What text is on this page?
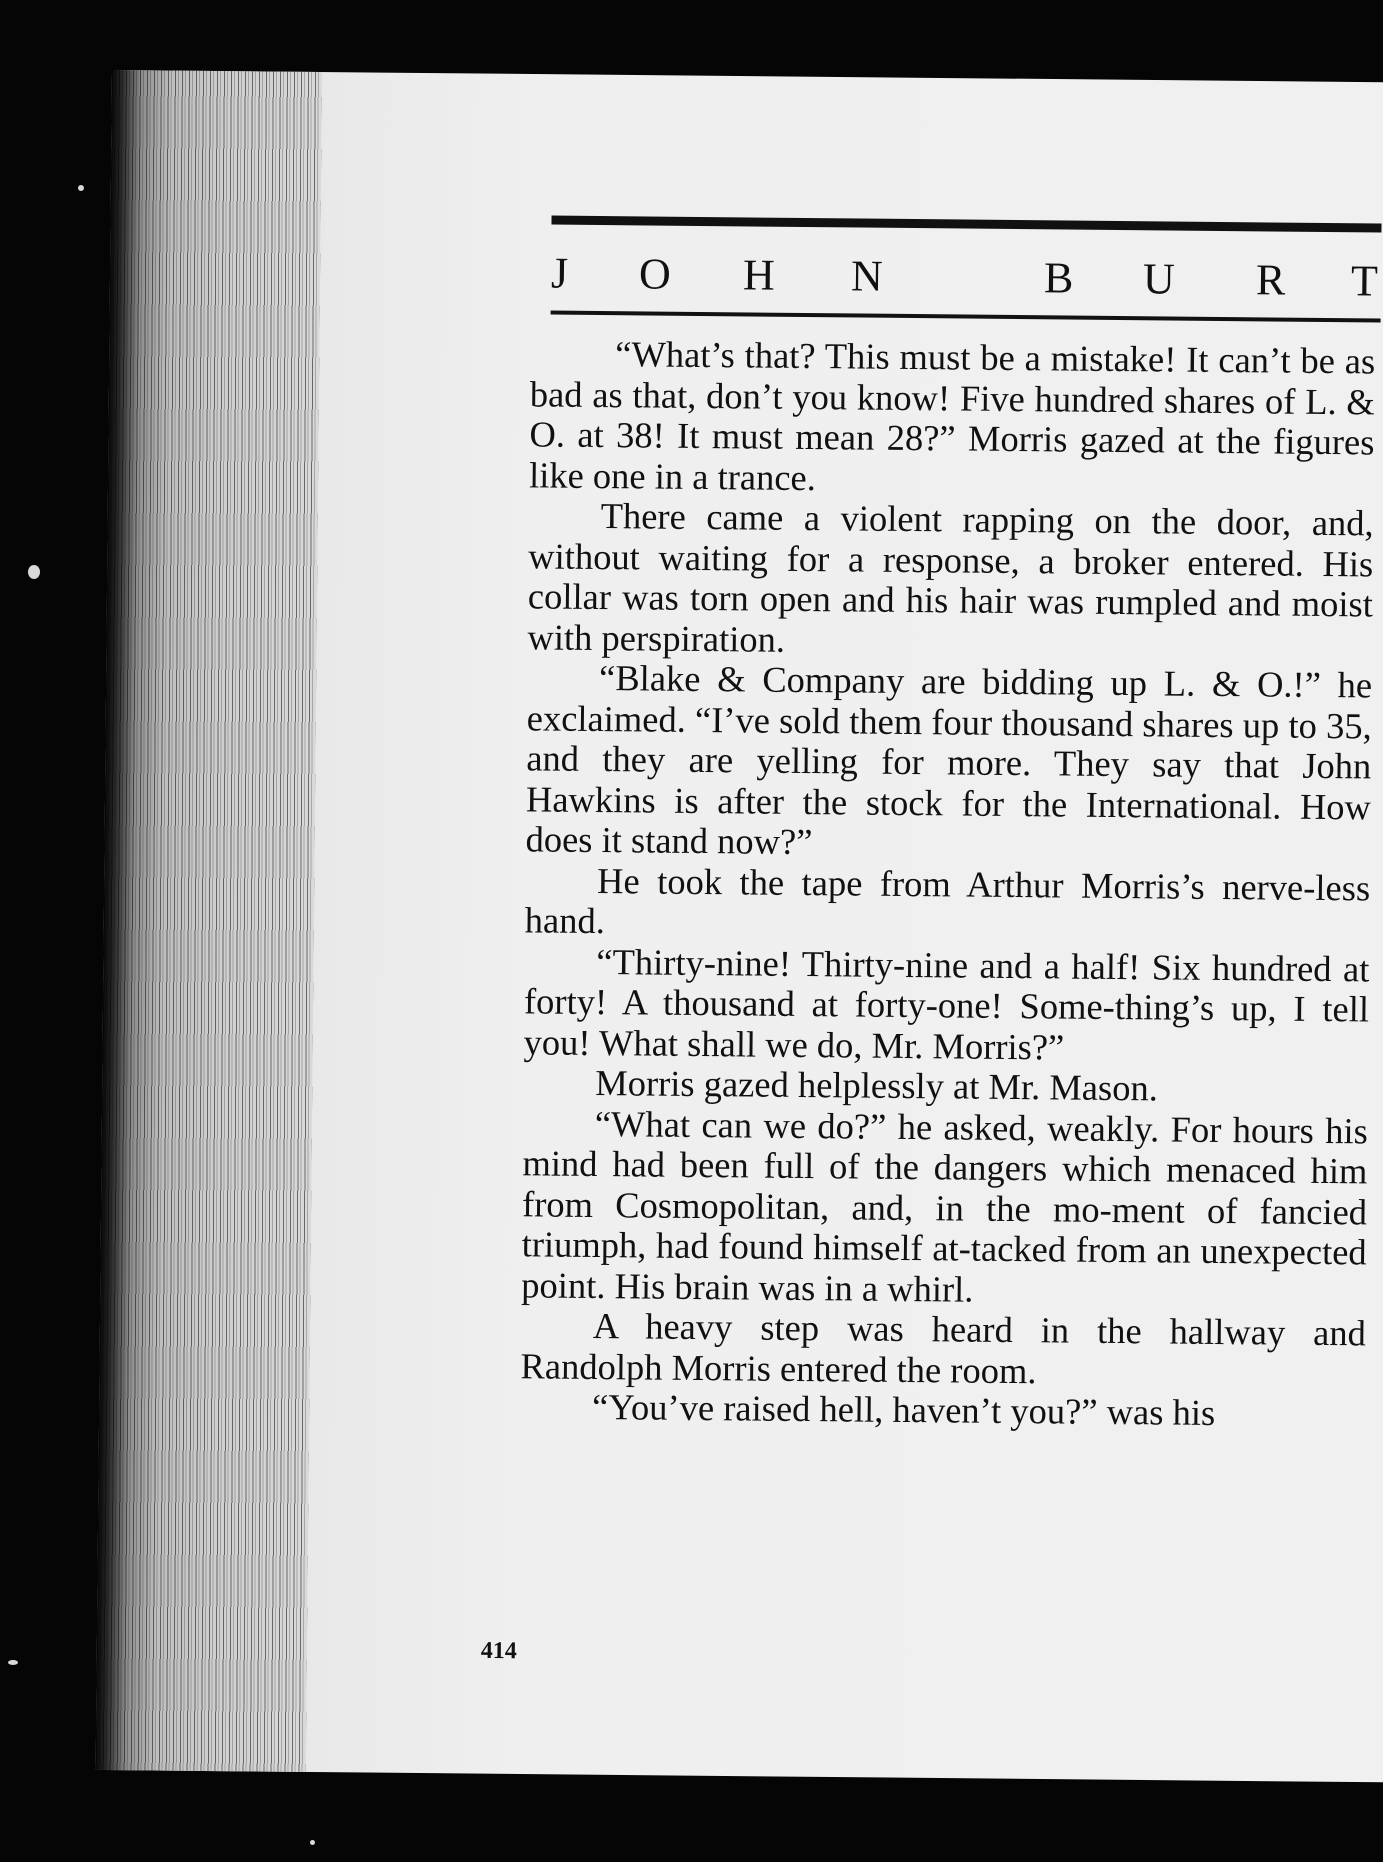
J O H N	B U R T

“What’s that? This must be a mistake! It can’t be as bad as that, don’t you know! Five hundred shares of L. & O. at 38! It must mean 28?” Morris gazed at the figures like one in a trance.

There came a violent rapping on the door, and, without waiting for a response, a broker entered. His collar was torn open and his hair was rumpled and moist with perspiration.

“Blake & Company are bidding up L. & O.!” he exclaimed. “I’ve sold them four thousand shares up to 35, and they are yelling for more. They say that John Hawkins is after the stock for the International. How does it stand now?”

He took the tape from Arthur Morris’s nerve-less hand.

“Thirty-nine! Thirty-nine and a half! Six hundred at forty! A thousand at forty-one! Some-thing’s up, I tell you! What shall we do, Mr. Morris?”

Morris gazed helplessly at Mr. Mason.

“What can we do?” he asked, weakly. For hours his mind had been full of the dangers which menaced him from Cosmopolitan, and, in the mo-ment of fancied triumph, had found himself at-tacked from an unexpected point. His brain was in a whirl.

A heavy step was heard in the hallway and Randolph Morris entered the room.

“You’ve raised hell, haven’t you?” was his

414
